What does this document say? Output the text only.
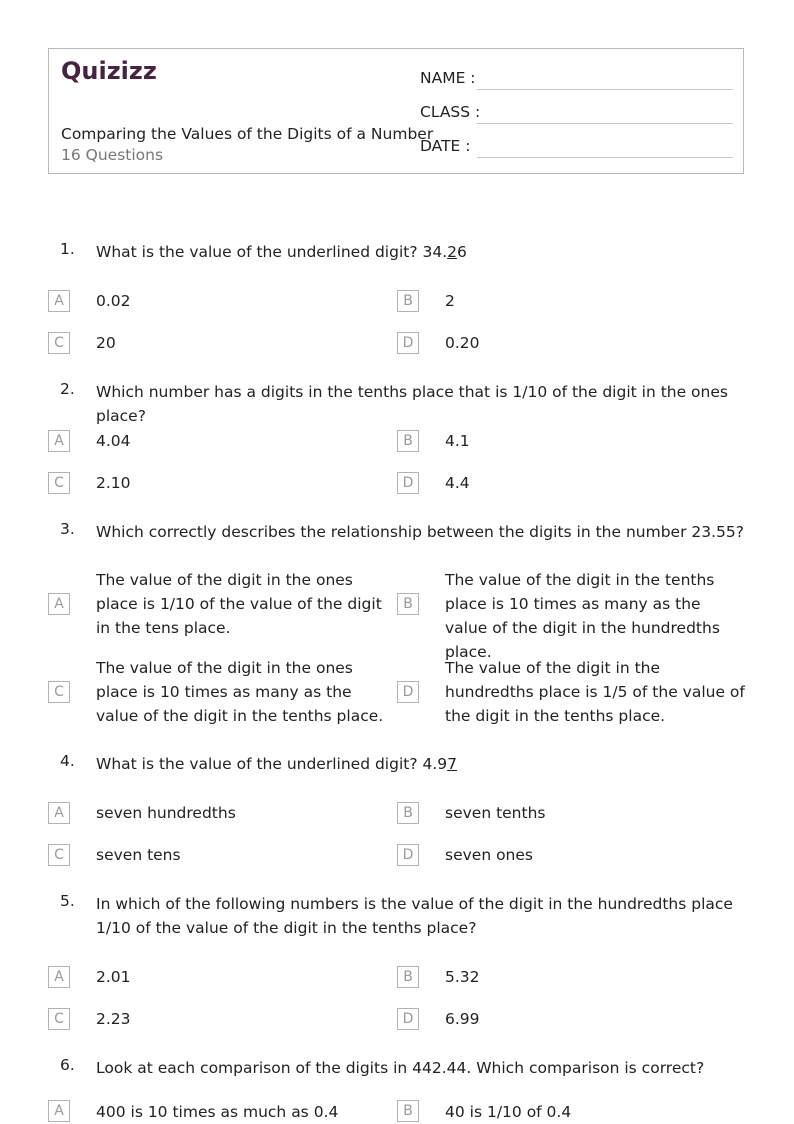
Quizizz
Comparing the Values of the Digits of a Number
16 Questions
NAME :
CLASS :
DATE :
1. What is the value of the underlined digit? 34.26
A	0.02	B	2
C	20	D	0.20
2. Which number has a digits in the tenths place that is 1/10 of the digit in the ones place?
A	4.04	B	4.1
C	2.10	D	4.4
3. Which correctly describes the relationship between the digits in the number 23.55?
A
The value of the digit in the ones place is 1/10 of the value of the digit in the tens place.
B
The value of the digit in the tenths place is 10 times as many as the value of the digit in the hundredths place.
C
The value of the digit in the ones place is 10 times as many as the value of the digit in the tenths place.
D
The value of the digit in the hundredths place is 1/5 of the value of the digit in the tenths place.
4. What is the value of the underlined digit? 4.97
A	seven hundredths	B	seven tenths
C	seven tens	D	seven ones
5. In which of the following numbers is the value of the digit in the hundredths place 1/10 of the value of the digit in the tenths place?
A	2.01	B	5.32
C	2.23	D	6.99
6. Look at each comparison of the digits in 442.44. Which comparison is correct?
A	400 is 10 times as much as 0.4	B	40 is 1/10 of 0.4
